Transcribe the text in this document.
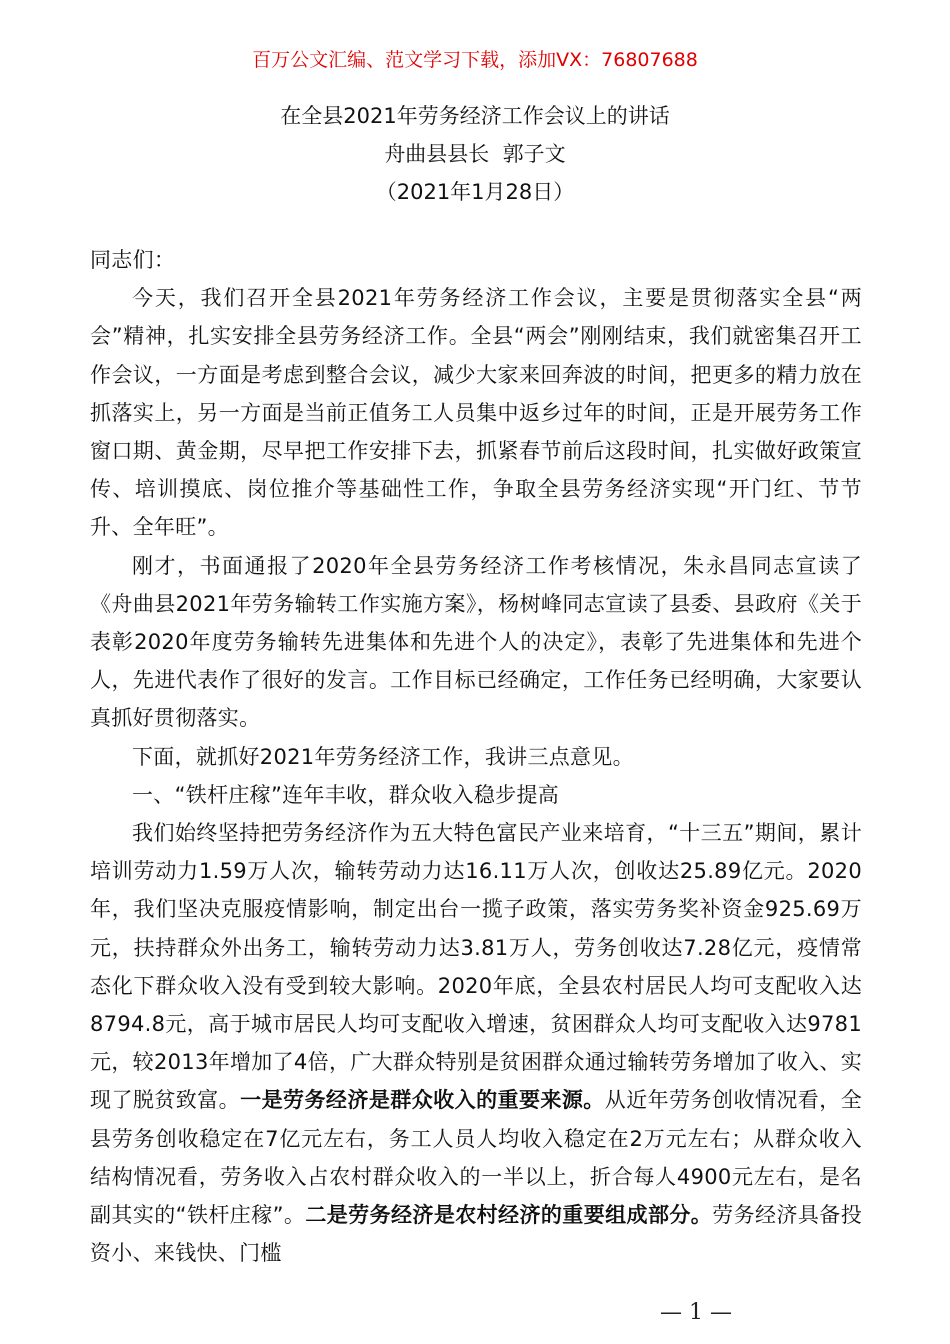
百万公文汇编、范文学习下载，添加VX：76807688
在全县2021年劳务经济工作会议上的讲话
舟曲县县长  郭子文
（2021年1月28日）

同志们：

今天，我们召开全县2021年劳务经济工作会议，主要是贯彻落实全县“两会”精神，扎实安排全县劳务经济工作。全县“两会”刚刚结束，我们就密集召开工作会议，一方面是考虑到整合会议，减少大家来回奔波的时间，把更多的精力放在抓落实上，另一方面是当前正值务工人员集中返乡过年的时间，正是开展劳务工作窗口期、黄金期，尽早把工作安排下去，抓紧春节前后这段时间，扎实做好政策宣传、培训摸底、岗位推介等基础性工作，争取全县劳务经济实现“开门红、节节升、全年旺”。

刚才，书面通报了2020年全县劳务经济工作考核情况，朱永昌同志宣读了《舟曲县2021年劳务输转工作实施方案》，杨树峰同志宣读了县委、县政府《关于表彰2020年度劳务输转先进集体和先进个人的决定》，表彰了先进集体和先进个人，先进代表作了很好的发言。工作目标已经确定，工作任务已经明确，大家要认真抓好贯彻落实。

下面，就抓好2021年劳务经济工作，我讲三点意见。

一、“铁杆庄稼”连年丰收，群众收入稳步提高

我们始终坚持把劳务经济作为五大特色富民产业来培育，“十三五”期间，累计培训劳动力1.59万人次，输转劳动力达16.11万人次，创收达25.89亿元。2020年，我们坚决克服疫情影响，制定出台一揽子政策，落实劳务奖补资金925.69万元，扶持群众外出务工，输转劳动力达3.81万人，劳务创收达7.28亿元，疫情常态化下群众收入没有受到较大影响。2020年底，全县农村居民人均可支配收入达8794.8元，高于城市居民人均可支配收入增速，贫困群众人均可支配收入达9781元，较2013年增加了4倍，广大群众特别是贫困群众通过输转劳务增加了收入、实现了脱贫致富。一是劳务经济是群众收入的重要来源。从近年劳务创收情况看，全县劳务创收稳定在7亿元左右，务工人员人均收入稳定在2万元左右；从群众收入结构情况看，劳务收入占农村群众收入的一半以上，折合每人4900元左右，是名副其实的“铁杆庄稼”。二是劳务经济是农村经济的重要组成部分。劳务经济具备投资小、来钱快、门槛

— 1 —
